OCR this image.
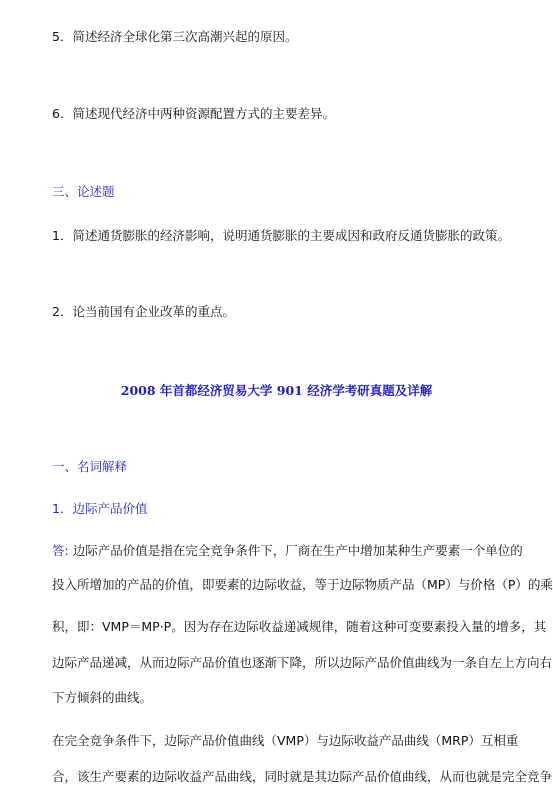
5．简述经济全球化第三次高潮兴起的原因。
6．简述现代经济中两种资源配置方式的主要差异。
三、论述题
1．简述通货膨胀的经济影响，说明通货膨胀的主要成因和政府反通货膨胀的政策。
2．论当前国有企业改革的重点。
2008 年首都经济贸易大学 901 经济学考研真题及详解
一、名词解释
1．边际产品价值
答: 边际产品价值是指在完全竞争条件下，厂商在生产中增加某种生产要素一个单位的
投入所增加的产品的价值，即要素的边际收益，等于边际物质产品（MP）与价格（P）的乘
积，即：VMP＝MP·P。因为存在边际收益递减规律，随着这种可变要素投入量的增多，其
边际产品递减，从而边际产品价值也逐渐下降，所以边际产品价值曲线为一条自左上方向右
下方倾斜的曲线。
在完全竞争条件下，边际产品价值曲线（VMP）与边际收益产品曲线（MRP）互相重
合，该生产要素的边际收益产品曲线，同时就是其边际产品价值曲线，从而也就是完全竞争
